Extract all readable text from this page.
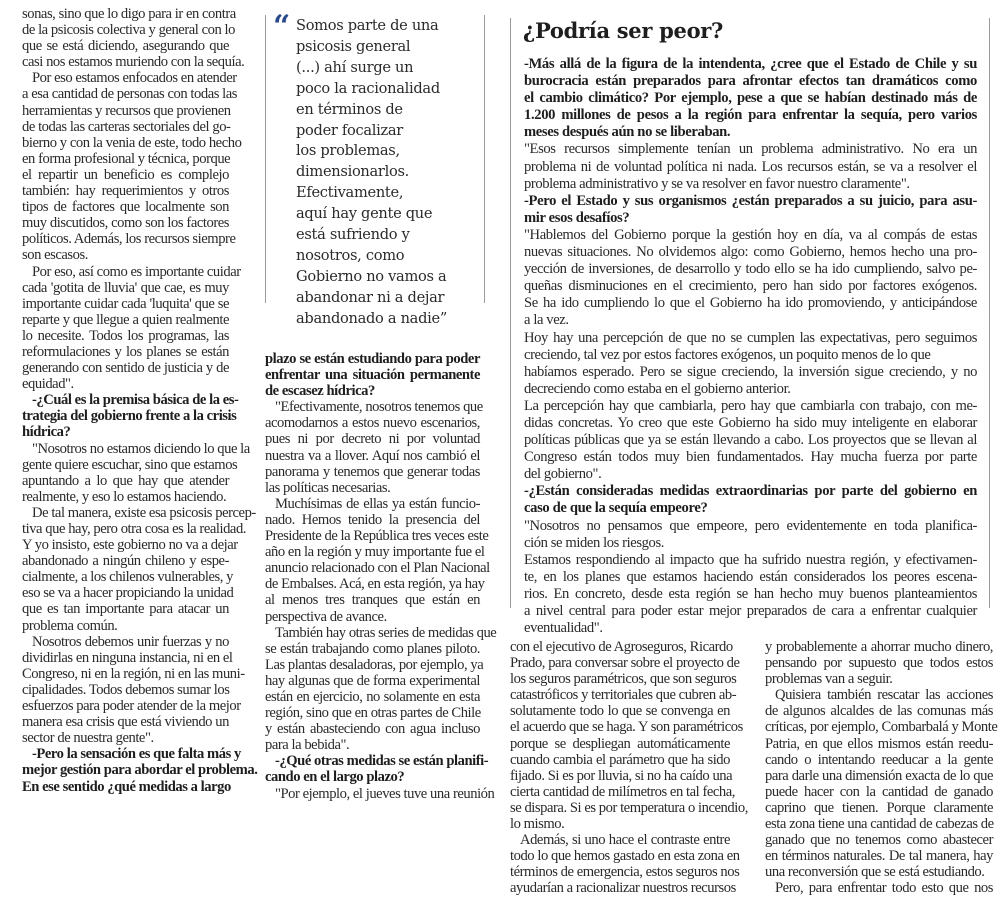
sonas, sino que lo digo para ir en contra
de la psicosis colectiva y general con lo
que se está diciendo, asegurando que
casi nos estamos muriendo con la sequía.
Por eso estamos enfocados en atender
a esa cantidad de personas con todas las
herramientas y recursos que provienen
de todas las carteras sectoriales del go-
bierno y con la venia de este, todo hecho
en forma profesional y técnica, porque
el repartir un beneficio es complejo
también: hay requerimientos y otros
tipos de factores que localmente son
muy discutidos, como son los factores
políticos. Además, los recursos siempre
son escasos.
Por eso, así como es importante cuidar
cada 'gotita de lluvia' que cae, es muy
importante cuidar cada 'luquita' que se
reparte y que llegue a quien realmente
lo necesite. Todos los programas, las
reformulaciones y los planes se están
generando con sentido de justicia y de
equidad".
-¿Cuál es la premisa básica de la es-
trategia del gobierno frente a la crisis
hídrica?
"Nosotros no estamos diciendo lo que la
gente quiere escuchar, sino que estamos
apuntando a lo que hay que atender
realmente, y eso lo estamos haciendo.
De tal manera, existe esa psicosis percep-
tiva que hay, pero otra cosa es la realidad.
Y yo insisto, este gobierno no va a dejar
abandonado a ningún chileno y espe-
cialmente, a los chilenos vulnerables, y
eso se va a hacer propiciando la unidad
que es tan importante para atacar un
problema común.
Nosotros debemos unir fuerzas y no
dividirlas en ninguna instancia, ni en el
Congreso, ni en la región, ni en las muni-
cipalidades. Todos debemos sumar los
esfuerzos para poder atender de la mejor
manera esa crisis que está viviendo un
sector de nuestra gente".
-Pero la sensación es que falta más y
mejor gestión para abordar el problema.
En ese sentido ¿qué medidas a largo
“ Somos parte de una
psicosis general
(...) ahí surge un
poco la racionalidad
en términos de
poder focalizar
los problemas,
dimensionarlos.
Efectivamente,
aquí hay gente que
está sufriendo y
nosotros, como
Gobierno no vamos a
abandonar ni a dejar
abandonado a nadie”
plazo se están estudiando para poder
enfrentar una situación permanente
de escasez hídrica?
"Efectivamente, nosotros tenemos que
acomodarnos a estos nuevo escenarios,
pues ni por decreto ni por voluntad
nuestra va a llover. Aquí nos cambió el
panorama y tenemos que generar todas
las políticas necesarias.
Muchísimas de ellas ya están funcio-
nado. Hemos tenido la presencia del
Presidente de la República tres veces este
año en la región y muy importante fue el
anuncio relacionado con el Plan Nacional
de Embalses. Acá, en esta región, ya hay
al menos tres tranques que están en
perspectiva de avance.
También hay otras series de medidas que
se están trabajando como planes piloto.
Las plantas desaladoras, por ejemplo, ya
hay algunas que de forma experimental
están en ejercicio, no solamente en esta
región, sino que en otras partes de Chile
y están abasteciendo con agua incluso
para la bebida".
-¿Qué otras medidas se están planifi-
cando en el largo plazo?
"Por ejemplo, el jueves tuve una reunión
¿Podría ser peor?
-Más allá de la figura de la intendenta, ¿cree que el Estado de Chile y su
burocracia están preparados para afrontar efectos tan dramáticos como
el cambio climático? Por ejemplo, pese a que se habían destinado más de
1.200 millones de pesos a la región para enfrentar la sequía, pero varios
meses después aún no se liberaban.
"Esos recursos simplemente tenían un problema administrativo. No era un
problema ni de voluntad política ni nada. Los recursos están, se va a resolver el
problema administrativo y se va resolver en favor nuestro claramente".
-Pero el Estado y sus organismos ¿están preparados a su juicio, para asu-
mir esos desafíos?
"Hablemos del Gobierno porque la gestión hoy en día, va al compás de estas
nuevas situaciones. No olvidemos algo: como Gobierno, hemos hecho una pro-
yección de inversiones, de desarrollo y todo ello se ha ido cumpliendo, salvo pe-
queñas disminuciones en el crecimiento, pero han sido por factores exógenos.
Se ha ido cumpliendo lo que el Gobierno ha ido promoviendo, y anticipándose
a la vez.
Hoy hay una percepción de que no se cumplen las expectativas, pero seguimos
creciendo, tal vez por estos factores exógenos, un poquito menos de lo que
habíamos esperado. Pero se sigue creciendo, la inversión sigue creciendo, y no
decreciendo como estaba en el gobierno anterior.
La percepción hay que cambiarla, pero hay que cambiarla con trabajo, con me-
didas concretas. Yo creo que este Gobierno ha sido muy inteligente en elaborar
políticas públicas que ya se están llevando a cabo. Los proyectos que se llevan al
Congreso están todos muy bien fundamentados. Hay mucha fuerza por parte
del gobierno".
-¿Están consideradas medidas extraordinarias por parte del gobierno en
caso de que la sequía empeore?
"Nosotros no pensamos que empeore, pero evidentemente en toda planifica-
ción se miden los riesgos.
Estamos respondiendo al impacto que ha sufrido nuestra región, y efectivamen-
te, en los planes que estamos haciendo están considerados los peores escena-
rios. En concreto, desde esta región se han hecho muy buenos planteamientos
a nivel central para poder estar mejor preparados de cara a enfrentar cualquier
eventualidad".
con el ejecutivo de Agroseguros, Ricardo
Prado, para conversar sobre el proyecto de
los seguros paramétricos, que son seguros
catastróficos y territoriales que cubren ab-
solutamente todo lo que se convenga en
el acuerdo que se haga. Y son paramétricos
porque se despliegan automáticamente
cuando cambia el parámetro que ha sido
fijado. Si es por lluvia, si no ha caído una
cierta cantidad de milímetros en tal fecha,
se dispara. Si es por temperatura o incendio,
lo mismo.
Además, si uno hace el contraste entre
todo lo que hemos gastado en esta zona en
términos de emergencia, estos seguros nos
ayudarían a racionalizar nuestros recursos
y probablemente a ahorrar mucho dinero,
pensando por supuesto que todos estos
problemas van a seguir.
Quisiera también rescatar las acciones
de algunos alcaldes de las comunas más
críticas, por ejemplo, Combarbalá y Monte
Patria, en que ellos mismos están reedu-
cando o intentando reeducar a la gente
para darle una dimensión exacta de lo que
puede hacer con la cantidad de ganado
caprino que tienen. Porque claramente
esta zona tiene una cantidad de cabezas de
ganado que no tenemos como abastecer
en términos naturales. De tal manera, hay
una reconversión que se está estudiando.
Pero, para enfrentar todo esto que nos
